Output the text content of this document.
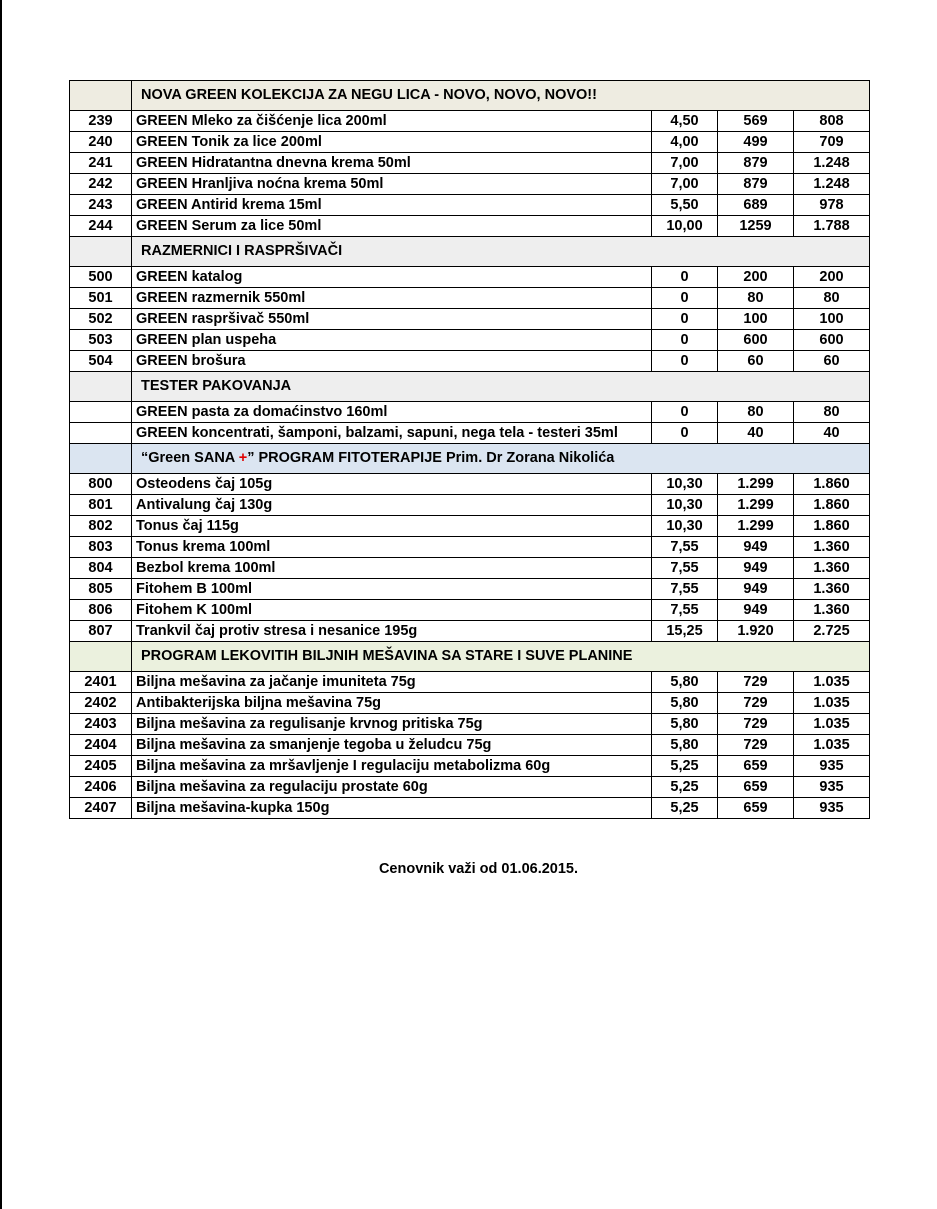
	NOVA GREEN KOLEKCIJA ZA NEGU LICA - NOVO, NOVO, NOVO!!			
239	GREEN Mleko za čišćenje lica 200ml	4,50	569	808
240	GREEN Tonik za lice 200ml	4,00	499	709
241	GREEN Hidratantna dnevna krema 50ml	7,00	879	1.248
242	GREEN Hranljiva noćna krema 50ml	7,00	879	1.248
243	GREEN Antirid krema 15ml	5,50	689	978
244	GREEN Serum za lice 50ml	10,00	1259	1.788
	RAZMERNICI I RASPRŠIVAČI			
500	GREEN katalog	0	200	200
501	GREEN razmernik 550ml	0	80	80
502	GREEN raspršivač 550ml	0	100	100
503	GREEN plan uspeha	0	600	600
504	GREEN brošura	0	60	60
	TESTER PAKOVANJA			
	GREEN pasta za domaćinstvo 160ml	0	80	80
	GREEN koncentrati, šamponi, balzami, sapuni, nega tela - testeri 35ml	0	40	40
	“Green SANA +” PROGRAM FITOTERAPIJE Prim. Dr Zorana Nikolića			
800	Osteodens čaj 105g	10,30	1.299	1.860
801	Antivalung čaj 130g	10,30	1.299	1.860
802	Tonus čaj 115g	10,30	1.299	1.860
803	Tonus krema 100ml	7,55	949	1.360
804	Bezbol krema 100ml	7,55	949	1.360
805	Fitohem B 100ml	7,55	949	1.360
806	Fitohem K 100ml	7,55	949	1.360
807	Trankvil čaj protiv stresa i nesanice 195g	15,25	1.920	2.725
	PROGRAM LEKOVITIH BILJNIH MEŠAVINA SA STARE I SUVE PLANINE			
2401	Biljna mešavina za jačanje imuniteta 75g	5,80	729	1.035
2402	Antibakterijska biljna mešavina 75g	5,80	729	1.035
2403	Biljna mešavina za regulisanje krvnog pritiska 75g	5,80	729	1.035
2404	Biljna mešavina za smanjenje tegoba u želudcu 75g	5,80	729	1.035
2405	Biljna mešavina za mršavljenje I regulaciju metabolizma 60g	5,25	659	935
2406	Biljna mešavina za regulaciju prostate 60g	5,25	659	935
2407	Biljna mešavina-kupka 150g	5,25	659	935
Cenovnik važi od 01.06.2015.
